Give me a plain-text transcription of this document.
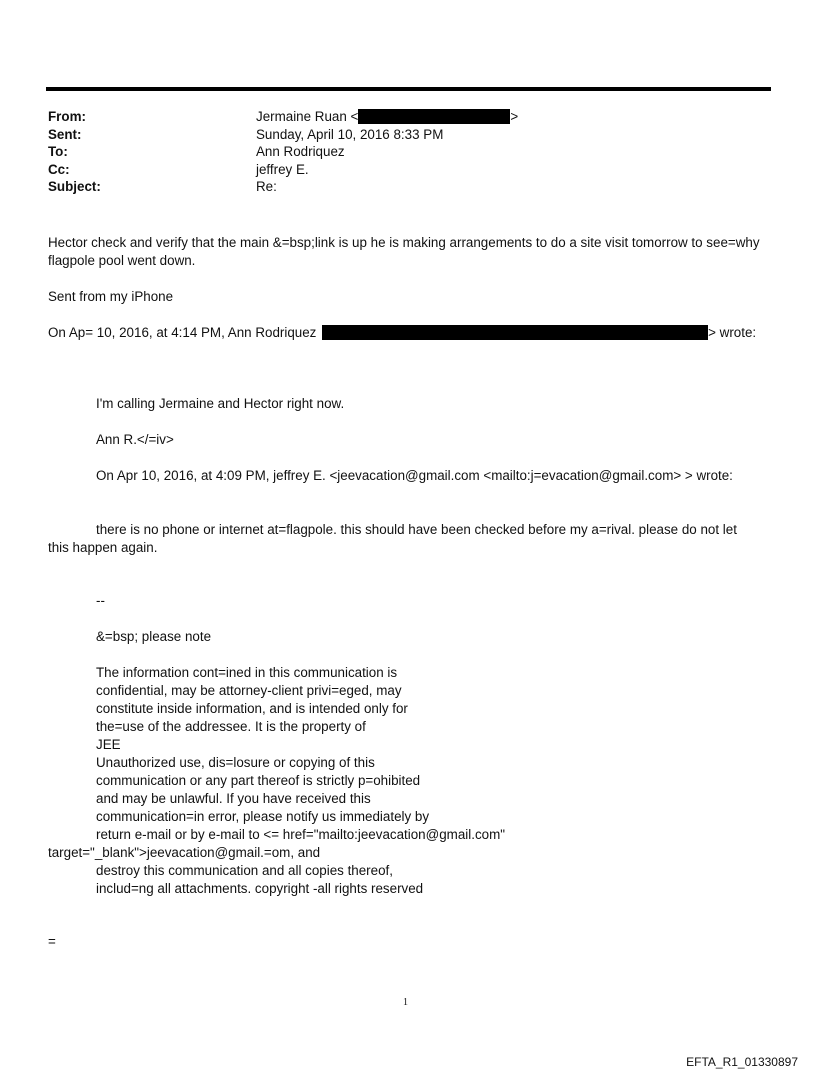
From:	Jermaine Ruan <	>
Sent:	Sunday, April 10, 2016 8:33 PM
To:	Ann Rodriquez
Cc:	jeffrey E.
Subject:	Re:
Hector check and verify that the main &=bsp;link is up he is making arrangements to do a site visit tomorrow to see=why
flagpole pool went down.
Sent from my iPhone
On Ap= 10, 2016, at 4:14 PM, Ann Rodriquez	> wrote:
I'm calling Jermaine and Hector right now.
Ann R.</=iv>
On Apr 10, 2016, at 4:09 PM, jeffrey E. <jeevacation@gmail.com <mailto:j=evacation@gmail.com> > wrote:
there is no phone or internet at=flagpole. this should have been checked before my a=rival. please do not let
this happen again.
--
&=bsp; please note
The information cont=ined in this communication is
confidential, may be attorney-client privi=eged, may
constitute inside information, and is intended only for
the=use of the addressee. It is the property of
JEE
Unauthorized use, dis=losure or copying of this
communication or any part thereof is strictly p=ohibited
and may be unlawful. If you have received this
communication=in error, please notify us immediately by
return e-mail or by e-mail to <= href="mailto:jeevacation@gmail.com"
target="_blank">jeevacation@gmail.=om, and
destroy this communication and all copies thereof,
includ=ng all attachments. copyright -all rights reserved
=
1
EFTA_R1_01330897
